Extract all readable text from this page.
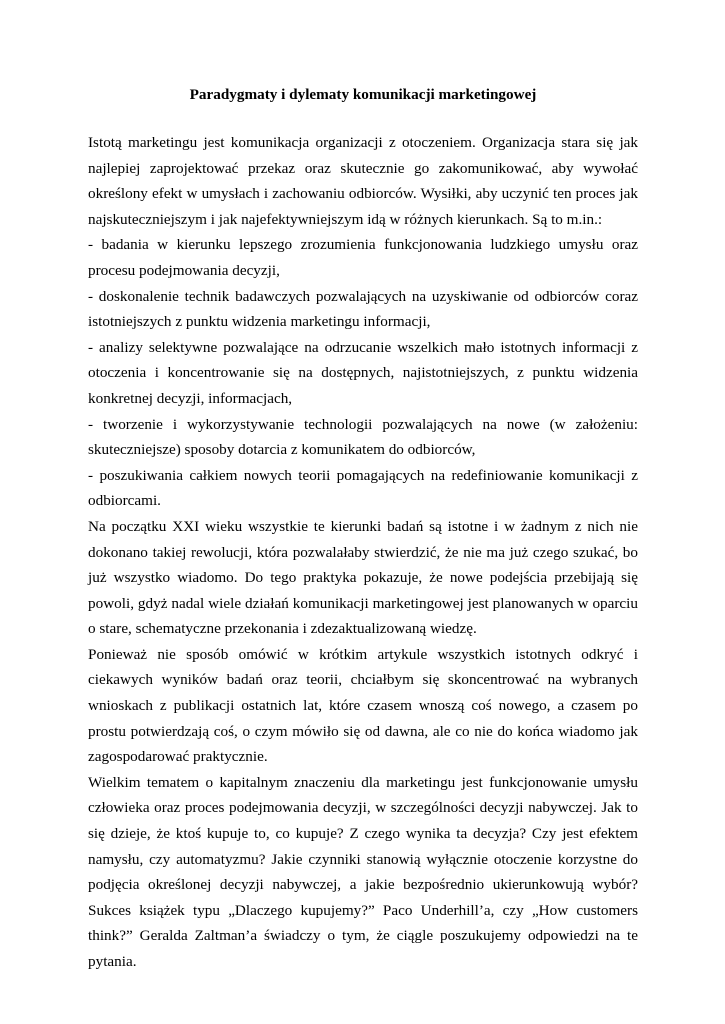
Paradygmaty i dylematy komunikacji marketingowej

Istotą marketingu jest komunikacja organizacji z otoczeniem. Organizacja stara się jak najlepiej zaprojektować przekaz oraz skutecznie go zakomunikować, aby wywołać określony efekt w umysłach i zachowaniu odbiorców. Wysiłki, aby uczynić ten proces jak najskuteczniejszym i jak najefektywniejszym idą w różnych kierunkach. Są to m.in.:

- badania w kierunku lepszego zrozumienia funkcjonowania ludzkiego umysłu oraz procesu podejmowania decyzji,

- doskonalenie technik badawczych pozwalających na uzyskiwanie od odbiorców coraz istotniejszych z punktu widzenia marketingu informacji,

- analizy selektywne pozwalające na odrzucanie wszelkich mało istotnych informacji z otoczenia i koncentrowanie się na dostępnych, najistotniejszych, z punktu widzenia konkretnej decyzji, informacjach,

- tworzenie i wykorzystywanie technologii pozwalających na nowe (w założeniu: skuteczniejsze) sposoby dotarcia z komunikatem do odbiorców,

- poszukiwania całkiem nowych teorii pomagających na redefiniowanie komunikacji z odbiorcami.

Na początku XXI wieku wszystkie te kierunki badań są istotne i w żadnym z nich nie dokonano takiej rewolucji, która pozwalałaby stwierdzić, że nie ma już czego szukać, bo już wszystko wiadomo. Do tego praktyka pokazuje, że nowe podejścia przebijają się powoli, gdyż nadal wiele działań komunikacji marketingowej jest planowanych w oparciu o stare, schematyczne przekonania i zdezaktualizowaną wiedzę.

Ponieważ nie sposób omówić w krótkim artykule wszystkich istotnych odkryć i ciekawych wyników badań oraz teorii, chciałbym się skoncentrować na wybranych wnioskach z publikacji ostatnich lat, które czasem wnoszą coś nowego, a czasem po prostu potwierdzają coś, o czym mówiło się od dawna, ale co nie do końca wiadomo jak zagospodarować praktycznie.

Wielkim tematem o kapitalnym znaczeniu dla marketingu jest funkcjonowanie umysłu człowieka oraz proces podejmowania decyzji, w szczególności decyzji nabywczej. Jak to się dzieje, że ktoś kupuje to, co kupuje? Z czego wynika ta decyzja? Czy jest efektem namysłu, czy automatyzmu? Jakie czynniki stanowią wyłącznie otoczenie korzystne do podjęcia określonej decyzji nabywczej, a jakie bezpośrednio ukierunkowują wybór? Sukces książek typu „Dlaczego kupujemy?” Paco Underhill’a, czy „How customers think?” Geralda Zaltman’a świadczy o tym, że ciągle poszukujemy odpowiedzi na te pytania.
